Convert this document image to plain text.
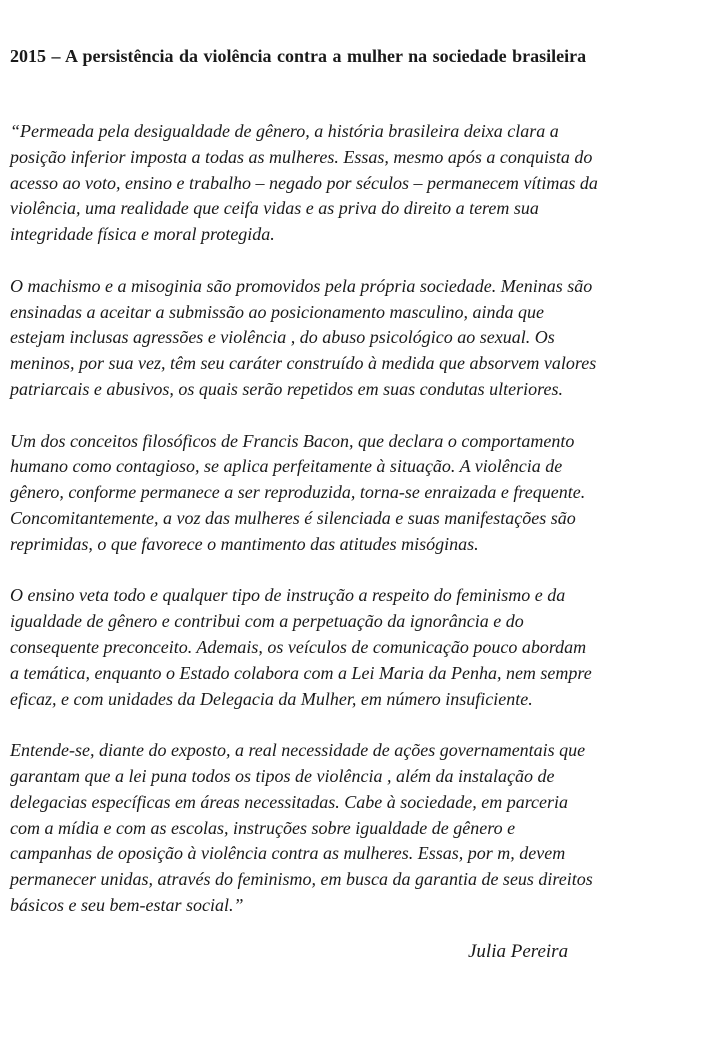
2015 – A persistência da violência contra a mulher na sociedade brasileira

“Permeada pela desigualdade de gênero, a história brasileira deixa clara a
posição inferior imposta a todas as mulheres. Essas, mesmo após a conquista do
acesso ao voto, ensino e trabalho – negado por séculos – permanecem vítimas da
violência, uma realidade que ceifa vidas e as priva do direito a terem sua
integridade física e moral protegida.

O machismo e a misoginia são promovidos pela própria sociedade. Meninas são
ensinadas a aceitar a submissão ao posicionamento masculino, ainda que
estejam inclusas agressões e violência , do abuso psicológico ao sexual. Os
meninos, por sua vez, têm seu caráter construído à medida que absorvem valores
patriarcais e abusivos, os quais serão repetidos em suas condutas ulteriores.

Um dos conceitos filosóficos de Francis Bacon, que declara o comportamento
humano como contagioso, se aplica perfeitamente à situação. A violência de
gênero, conforme permanece a ser reproduzida, torna-se enraizada e frequente.
Concomitantemente, a voz das mulheres é silenciada e suas manifestações são
reprimidas, o que favorece o mantimento das atitudes misóginas.

O ensino veta todo e qualquer tipo de instrução a respeito do feminismo e da
igualdade de gênero e contribui com a perpetuação da ignorância e do
consequente preconceito. Ademais, os veículos de comunicação pouco abordam
a temática, enquanto o Estado colabora com a Lei Maria da Penha, nem sempre
eficaz, e com unidades da Delegacia da Mulher, em número insuficiente.

Entende-se, diante do exposto, a real necessidade de ações governamentais que
garantam que a lei puna todos os tipos de violência , além da instalação de
delegacias específicas em áreas necessitadas. Cabe à sociedade, em parceria
com a mídia e com as escolas, instruções sobre igualdade de gênero e
campanhas de oposição à violência contra as mulheres. Essas, por m, devem
permanecer unidas, através do feminismo, em busca da garantia de seus direitos
básicos e seu bem-estar social.”

Julia Pereira
